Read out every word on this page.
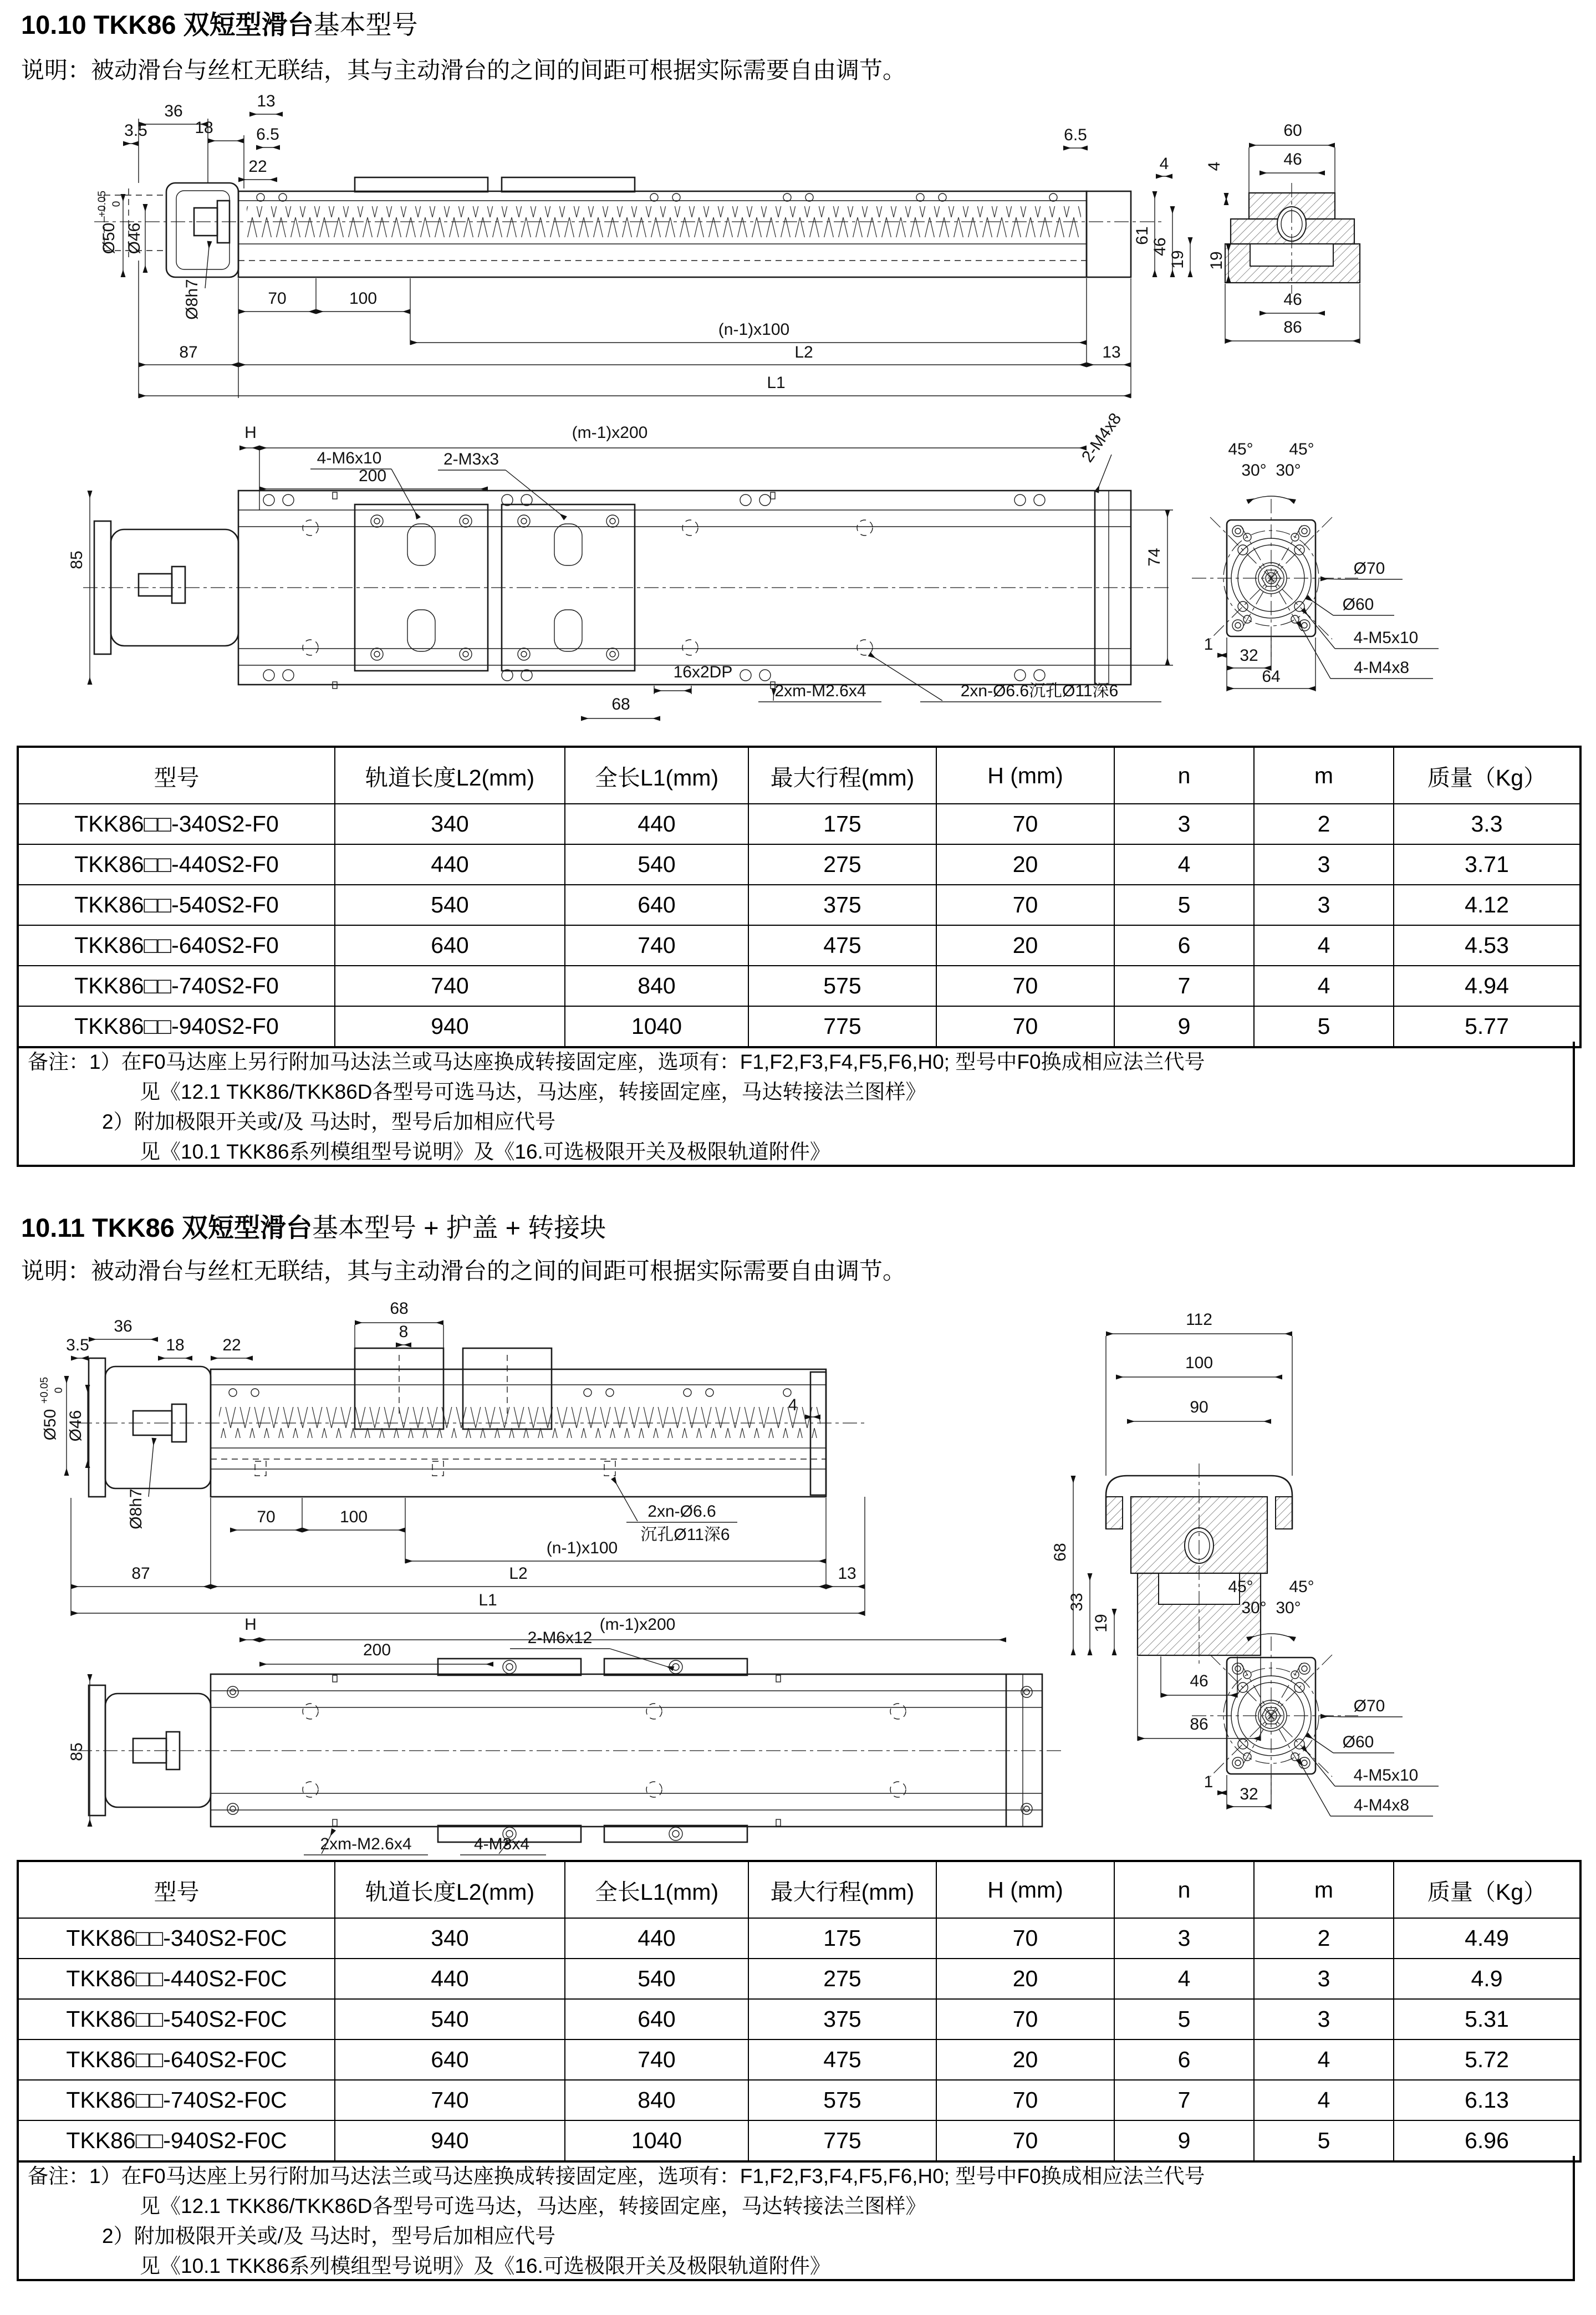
10.10 TKK86 双短型滑台基本型号
说明：被动滑台与丝杠无联结，其与主动滑台的之间的间距可根据实际需要自由调节。
13
36
18	6.5
22
3.5
Ø50
+0.05 0
Ø46
Ø8h7
6.5
4
61
46
19
70	100
(n-1)x100
L2	13
87
L1
60
46
4
19
46
86
H	(m-1)x200
4-M6x10
200
2-M3x3	2-M4x8
85	74
16x2DP
68
2xm-M2.6x4	2xn-Ø6.6沉孔Ø11深6
45° 45°
30° 30°
Ø70
Ø60
4-M5x10
4-M4x8
1
32
64
型号	轨道长度L2(mm)	全长L1(mm)	最大行程(mm)	H (mm)	n	m	质量（Kg）
TKK86□□-340S2-F0	340	440	175	70	3	2	3.3
TKK86□□-440S2-F0	440	540	275	20	4	3	3.71
TKK86□□-540S2-F0	540	640	375	70	5	3	4.12
TKK86□□-640S2-F0	640	740	475	20	6	4	4.53
TKK86□□-740S2-F0	740	840	575	70	7	4	4.94
TKK86□□-940S2-F0	940	1040	775	70	9	5	5.77
备注：1）在F0马达座上另行附加马达法兰或马达座换成转接固定座，选项有：F1,F2,F3,F4,F5,F6,H0; 型号中F0换成相应法兰代号
见《12.1 TKK86/TKK86D各型号可选马达，马达座，转接固定座，马达转接法兰图样》
2）附加极限开关或/及 马达时，型号后加相应代号
见《10.1 TKK86系列模组型号说明》及《16.可选极限开关及极限轨道附件》
10.11 TKK86 双短型滑台基本型号 + 护盖 + 转接块
说明：被动滑台与丝杠无联结，其与主动滑台的之间的间距可根据实际需要自由调节。
36
3.5	18 22
68
8
4
Ø50
+0.05 0
Ø46
Ø8h7	70	100	2xn-Ø6.6
沉孔Ø11深6
(n-1)x100
L2	13
87
L1
112
100
90
68
33
19
46
86
H	(m-1)x200
200
2-M6x12
85
2xm-M2.6x4	4-M3x4
45° 45°
30° 30°
Ø70
Ø60
4-M5x10
4-M4x8
1
32
型号	轨道长度L2(mm)	全长L1(mm)	最大行程(mm)	H (mm)	n	m	质量（Kg）
TKK86□□-340S2-F0C	340	440	175	70	3	2	4.49
TKK86□□-440S2-F0C	440	540	275	20	4	3	4.9
TKK86□□-540S2-F0C	540	640	375	70	5	3	5.31
TKK86□□-640S2-F0C	640	740	475	20	6	4	5.72
TKK86□□-740S2-F0C	740	840	575	70	7	4	6.13
TKK86□□-940S2-F0C	940	1040	775	70	9	5	6.96
备注：1）在F0马达座上另行附加马达法兰或马达座换成转接固定座，选项有：F1,F2,F3,F4,F5,F6,H0; 型号中F0换成相应法兰代号
见《12.1 TKK86/TKK86D各型号可选马达，马达座，转接固定座，马达转接法兰图样》
2）附加极限开关或/及 马达时，型号后加相应代号
见《10.1 TKK86系列模组型号说明》及《16.可选极限开关及极限轨道附件》
